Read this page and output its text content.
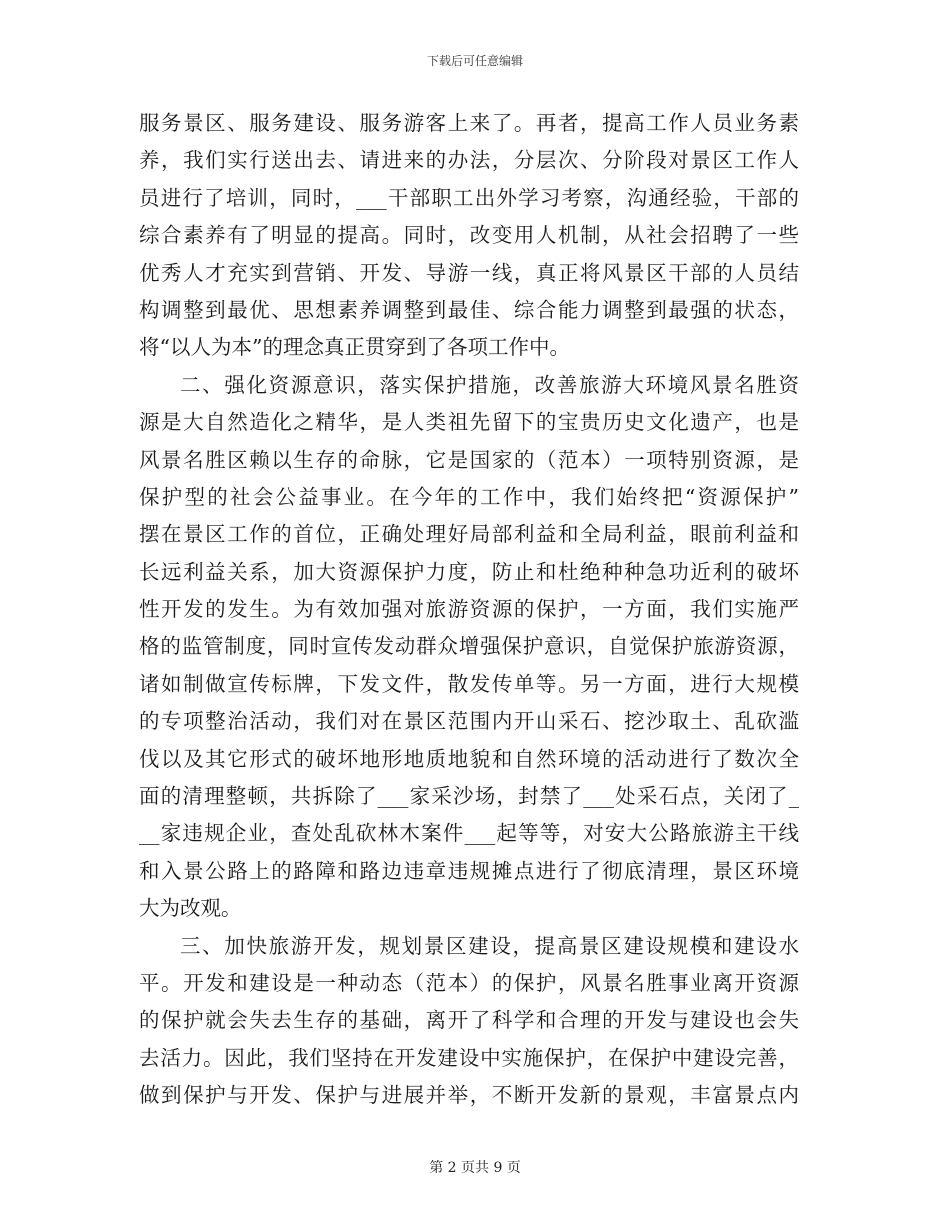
下载后可任意编辑
服务景区、服务建设、服务游客上来了。再者，提高工作人员业务素
养，我们实行送出去、请进来的办法，分层次、分阶段对景区工作人
员进行了培训，同时，___干部职工出外学习考察，沟通经验，干部的
综合素养有了明显的提高。同时，改变用人机制，从社会招聘了一些
优秀人才充实到营销、开发、导游一线，真正将风景区干部的人员结
构调整到最优、思想素养调整到最佳、综合能力调整到最强的状态，
将“以人为本”的理念真正贯穿到了各项工作中。
二、强化资源意识，落实保护措施，改善旅游大环境风景名胜资
源是大自然造化之精华，是人类祖先留下的宝贵历史文化遗产，也是
风景名胜区赖以生存的命脉，它是国家的（范本）一项特别资源，是
保护型的社会公益事业。在今年的工作中，我们始终把“资源保护”
摆在景区工作的首位，正确处理好局部利益和全局利益，眼前利益和
长远利益关系，加大资源保护力度，防止和杜绝种种急功近利的破坏
性开发的发生。为有效加强对旅游资源的保护，一方面，我们实施严
格的监管制度，同时宣传发动群众增强保护意识，自觉保护旅游资源，
诸如制做宣传标牌，下发文件，散发传单等。另一方面，进行大规模
的专项整治活动，我们对在景区范围内开山采石、挖沙取土、乱砍滥
伐以及其它形式的破坏地形地质地貌和自然环境的活动进行了数次全
面的清理整顿，共拆除了___家采沙场，封禁了___处采石点，关闭了_
__家违规企业，查处乱砍林木案件___起等等，对安大公路旅游主干线
和入景公路上的路障和路边违章违规摊点进行了彻底清理，景区环境
大为改观。
三、加快旅游开发，规划景区建设，提高景区建设规模和建设水
平。开发和建设是一种动态（范本）的保护，风景名胜事业离开资源
的保护就会失去生存的基础，离开了科学和合理的开发与建设也会失
去活力。因此，我们坚持在开发建设中实施保护，在保护中建设完善，
做到保护与开发、保护与进展并举，不断开发新的景观，丰富景点内
第 2 页共 9 页
